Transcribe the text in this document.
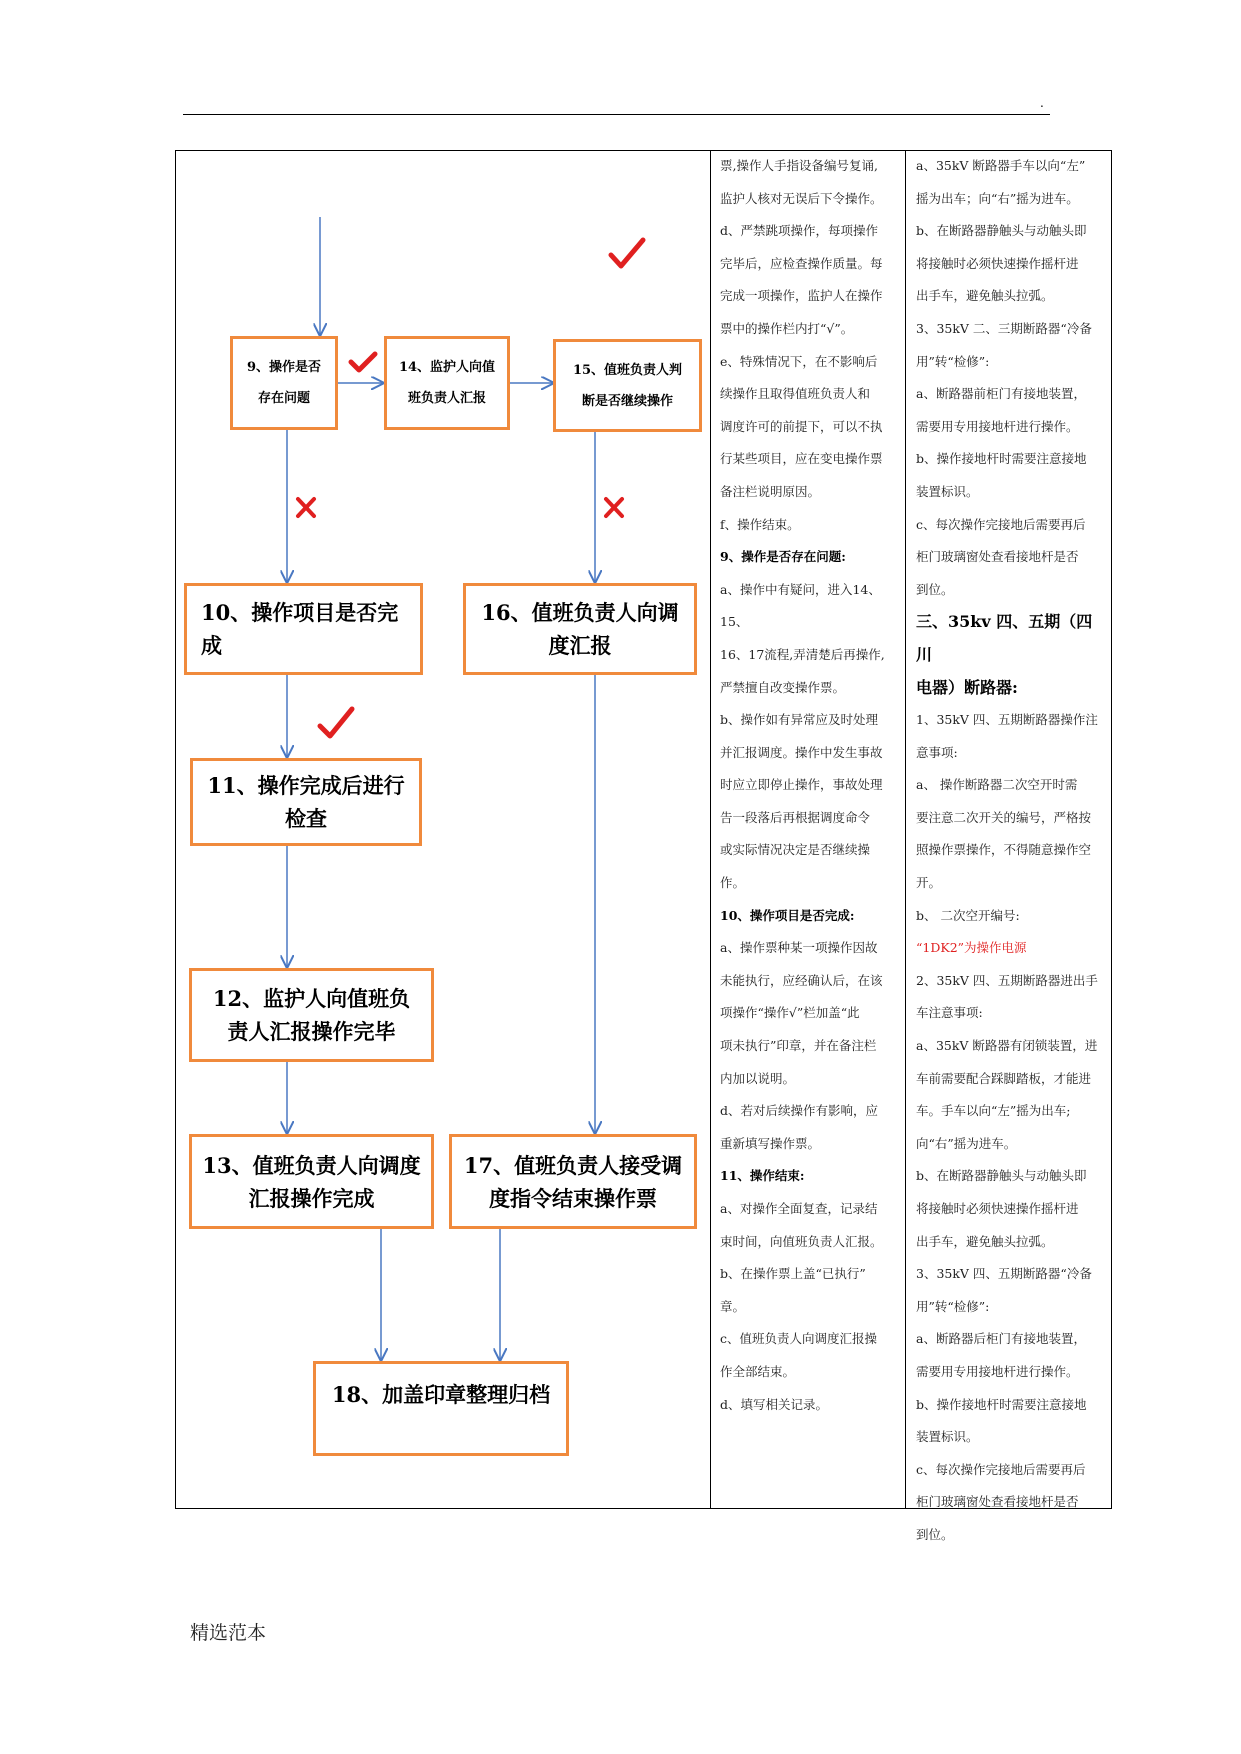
.
9、操作是否
存在问题
14、监护人向值
班负责人汇报
15、值班负责人判
断是否继续操作
10、操作项目是否完
成
16、值班负责人向调
度汇报
11、操作完成后进行
检查
12、监护人向值班负
责人汇报操作完毕
13、值班负责人向调度
汇报操作完成
17、值班负责人接受调
度指令结束操作票
18、加盖印章整理归档

票,操作人手指设备编号复诵,

监护人核对无误后下令操作。

d、严禁跳项操作，每项操作

完毕后，应检查操作质量。每

完成一项操作，监护人在操作

票中的操作栏内打“√”。

e、特殊情况下，在不影响后

续操作且取得值班负责人和

调度许可的前提下，可以不执

行某些项目，应在变电操作票

备注栏说明原因。

f、操作结束。

9、操作是否存在问题:

a、操作中有疑问，进入14、15、

16、17流程,弄清楚后再操作,

严禁擅自改变操作票。

b、操作如有异常应及时处理

并汇报调度。操作中发生事故

时应立即停止操作，事故处理

告一段落后再根据调度命令

或实际情况决定是否继续操

作。

10、操作项目是否完成:

a、操作票种某一项操作因故

未能执行，应经确认后，在该

项操作“操作√”栏加盖“此

项未执行”印章，并在备注栏

内加以说明。

d、若对后续操作有影响，应

重新填写操作票。

11、操作结束:

a、对操作全面复查，记录结

束时间，向值班负责人汇报。

b、在操作票上盖“已执行”

章。

c、值班负责人向调度汇报操

作全部结束。

d、填写相关记录。

a、35kV 断路器手车以向“左”

摇为出车；向“右”摇为进车。

b、在断路器静触头与动触头即

将接触时必须快速操作摇杆进

出手车，避免触头拉弧。

3、35kV 二、三期断路器“冷备

用”转“检修”:

a、断路器前柜门有接地装置，

需要用专用接地杆进行操作。

b、操作接地杆时需要注意接地

装置标识。

c、每次操作完接地后需要再后

柜门玻璃窗处查看接地杆是否

到位。

三、35kv 四、五期（四川

电器）断路器:

1、35kV 四、五期断路器操作注

意事项:

a、 操作断路器二次空开时需

要注意二次开关的编号，严格按

照操作票操作，不得随意操作空

开。

b、 二次空开编号:

“1DK2”为操作电源

2、35kV 四、五期断路器进出手

车注意事项:

a、35kV 断路器有闭锁装置，进

车前需要配合踩脚踏板，才能进

车。手车以向“左”摇为出车;

向“右”摇为进车。

b、在断路器静触头与动触头即

将接触时必须快速操作摇杆进

出手车，避免触头拉弧。

3、35kV 四、五期断路器“冷备

用”转“检修”:

a、断路器后柜门有接地装置，

需要用专用接地杆进行操作。

b、操作接地杆时需要注意接地

装置标识。

c、每次操作完接地后需要再后

柜门玻璃窗处查看接地杆是否

到位。

精选范本
